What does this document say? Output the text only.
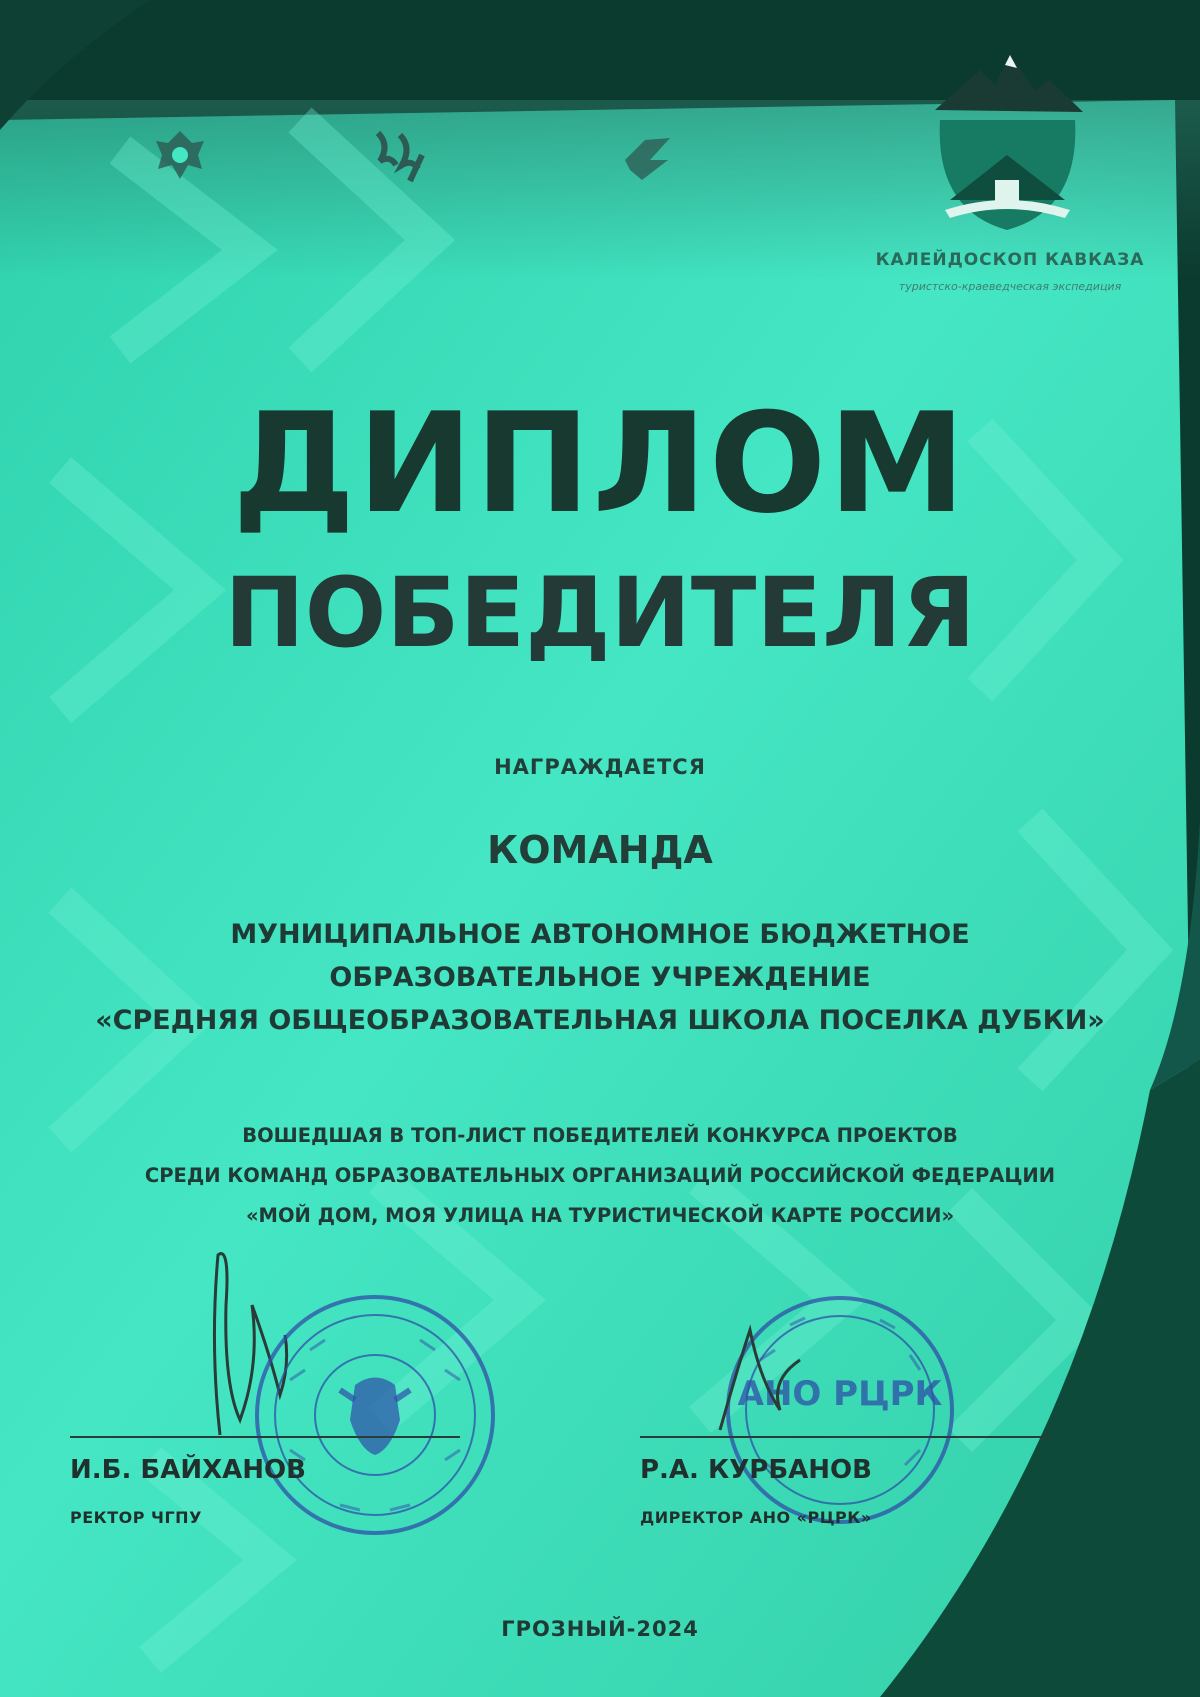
КАЛЕЙДОСКОП КАВКАЗА
туристско-краеведческая экспедиция
ДИПЛОМ
ПОБЕДИТЕЛЯ
НАГРАЖДАЕТСЯ
КОМАНДА
МУНИЦИПАЛЬНОЕ АВТОНОМНОЕ БЮДЖЕТНОЕ
ОБРАЗОВАТЕЛЬНОЕ УЧРЕЖДЕНИЕ
«СРЕДНЯЯ ОБЩЕОБРАЗОВАТЕЛЬНАЯ ШКОЛА ПОСЕЛКА ДУБКИ»
ВОШЕДШАЯ В ТОП-ЛИСТ ПОБЕДИТЕЛЕЙ КОНКУРСА ПРОЕКТОВ
СРЕДИ КОМАНД ОБРАЗОВАТЕЛЬНЫХ ОРГАНИЗАЦИЙ РОССИЙСКОЙ ФЕДЕРАЦИИ
«МОЙ ДОМ, МОЯ УЛИЦА НА ТУРИСТИЧЕСКОЙ КАРТЕ РОССИИ»
И.Б. БАЙХАНОВ
РЕКТОР ЧГПУ
АНО РЦРК
Р.А. КУРБАНОВ
ДИРЕКТОР АНО «РЦРК»
ГРОЗНЫЙ-2024
